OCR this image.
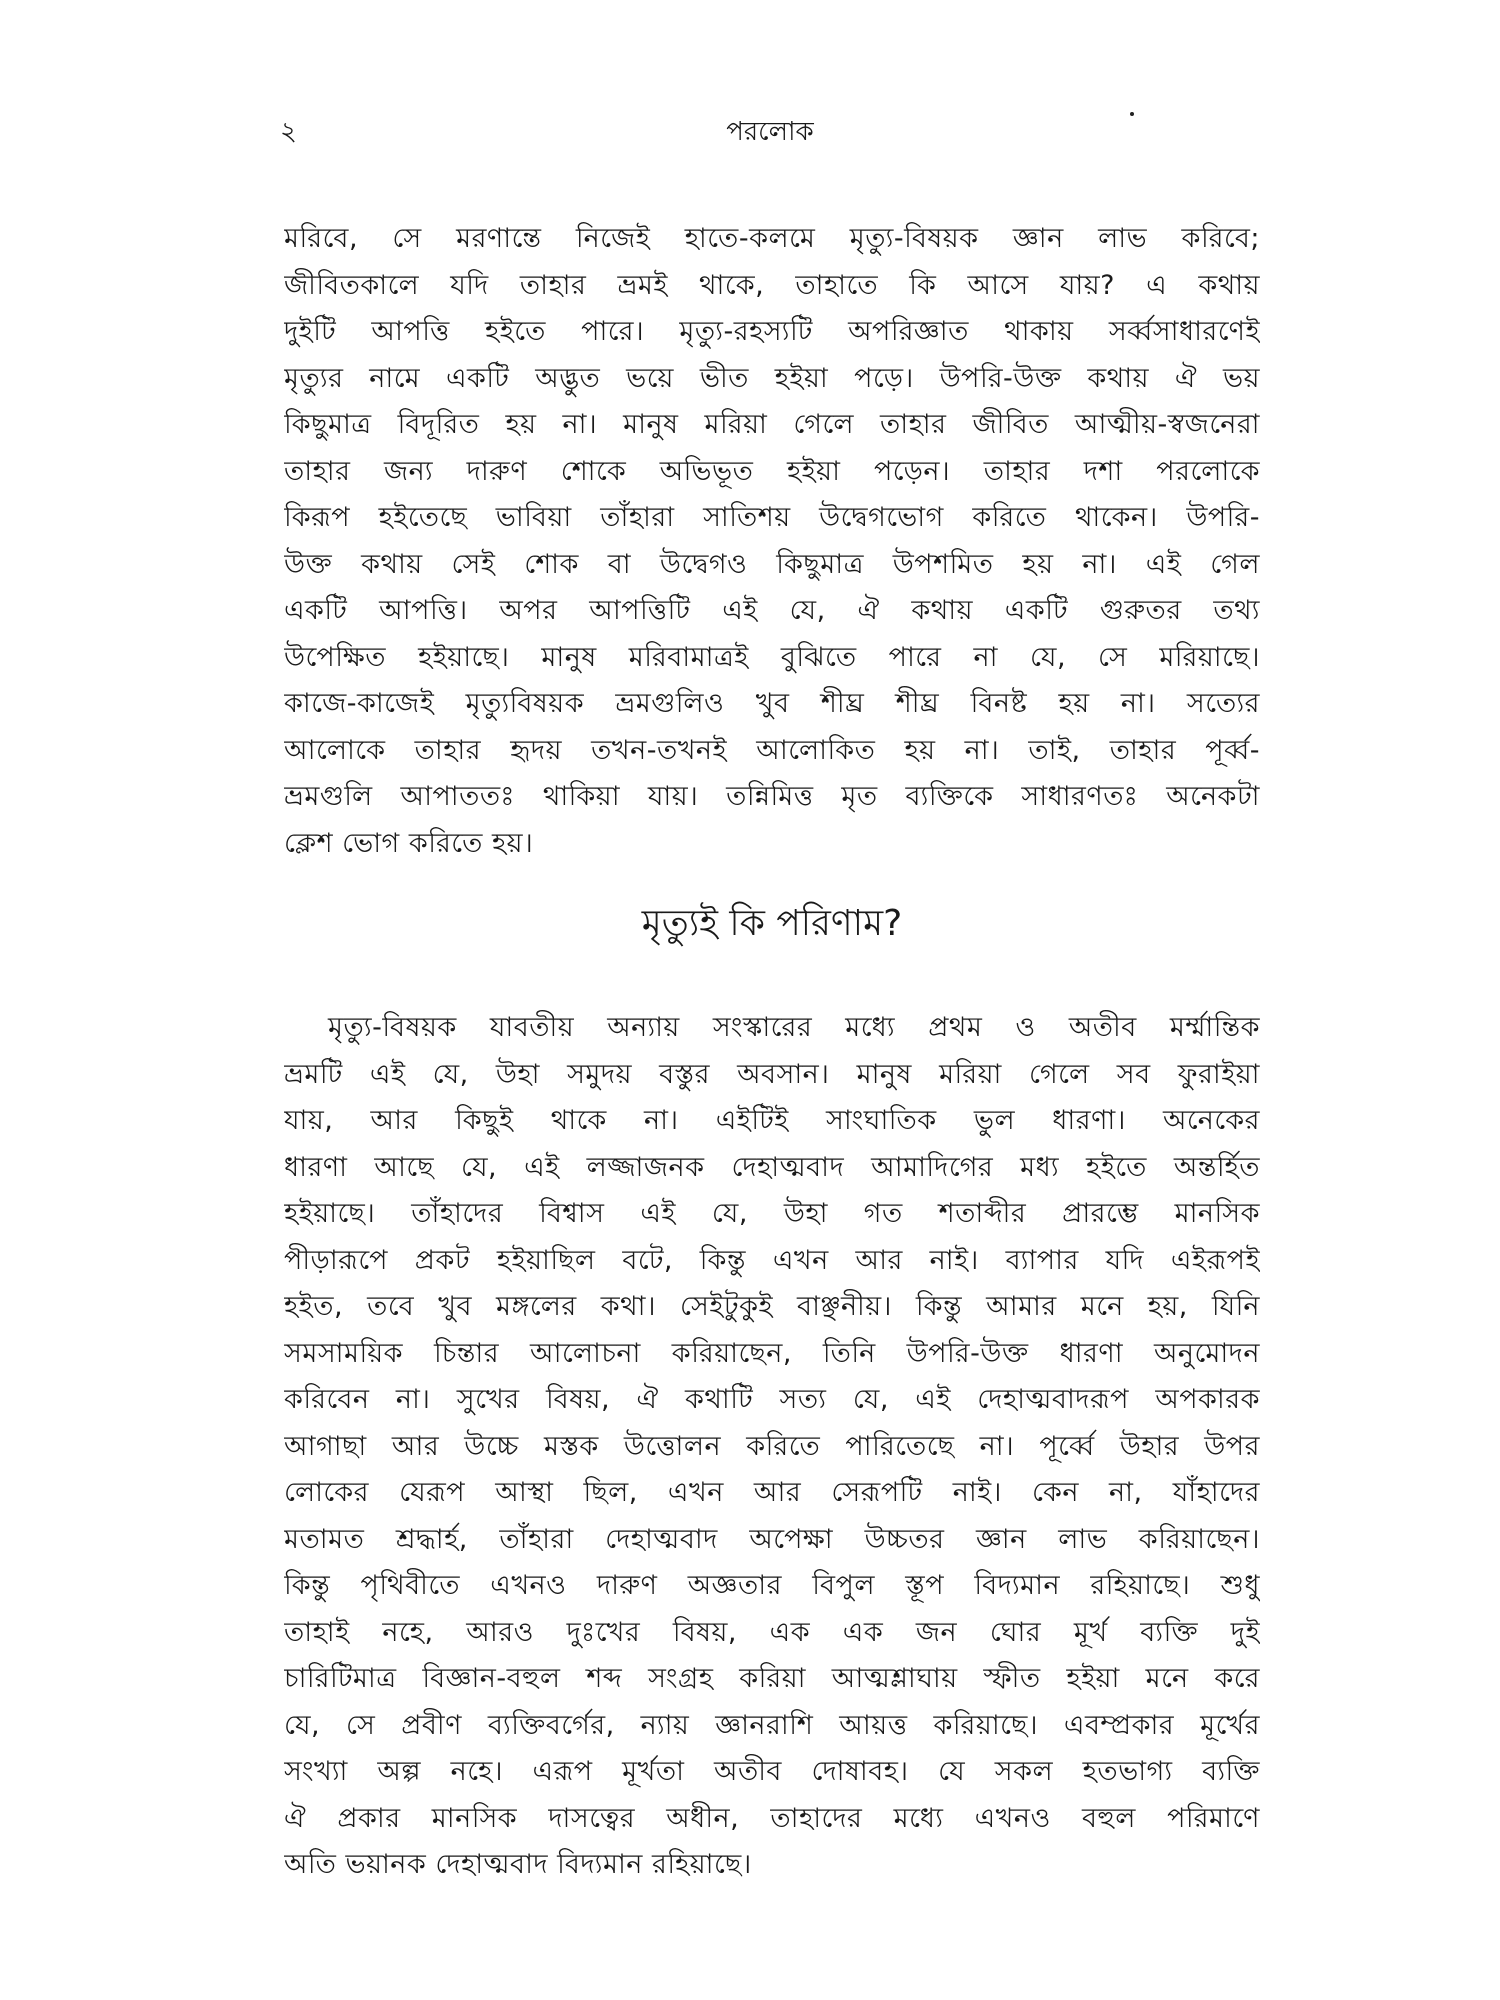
২	পরলোক
মরিবে, সে মরণান্তে নিজেই হাতে-কলমে মৃত্যু-বিষয়ক জ্ঞান লাভ করিবে;
জীবিতকালে যদি তাহার ভ্রমই থাকে, তাহাতে কি আসে যায়? এ কথায়
দুইটি আপত্তি হইতে পারে। মৃত্যু-রহস্যটি অপরিজ্ঞাত থাকায় সর্ব্বসাধারণেই
মৃত্যুর নামে একটি অদ্ভুত ভয়ে ভীত হইয়া পড়ে। উপরি-উক্ত কথায় ঐ ভয়
কিছুমাত্র বিদূরিত হয় না। মানুষ মরিয়া গেলে তাহার জীবিত আত্মীয়-স্বজনেরা
তাহার জন্য দারুণ শোকে অভিভূত হইয়া পড়েন। তাহার দশা পরলোকে
কিরূপ হইতেছে ভাবিয়া তাঁহারা সাতিশয় উদ্বেগভোগ করিতে থাকেন। উপরি-
উক্ত কথায় সেই শোক বা উদ্বেগও কিছুমাত্র উপশমিত হয় না। এই গেল
একটি আপত্তি। অপর আপত্তিটি এই যে, ঐ কথায় একটি গুরুতর তথ্য
উপেক্ষিত হইয়াছে। মানুষ মরিবামাত্রই বুঝিতে পারে না যে, সে মরিয়াছে।
কাজে-কাজেই মৃত্যুবিষয়ক ভ্রমগুলিও খুব শীঘ্র শীঘ্র বিনষ্ট হয় না। সত্যের
আলোকে তাহার হৃদয় তখন-তখনই আলোকিত হয় না। তাই, তাহার পূর্ব্ব-
ভ্রমগুলি আপাততঃ থাকিয়া যায়। তন্নিমিত্ত মৃত ব্যক্তিকে সাধারণতঃ অনেকটা
ক্লেশ ভোগ করিতে হয়।
মৃত্যুই কি পরিণাম?
মৃত্যু-বিষয়ক যাবতীয় অন্যায় সংস্কারের মধ্যে প্রথম ও অতীব মর্ম্মান্তিক
ভ্রমটি এই যে, উহা সমুদয় বস্তুর অবসান। মানুষ মরিয়া গেলে সব ফুরাইয়া
যায়, আর কিছুই থাকে না। এইটিই সাংঘাতিক ভুল ধারণা। অনেকের
ধারণা আছে যে, এই লজ্জাজনক দেহাত্মবাদ আমাদিগের মধ্য হইতে অন্তর্হিত
হইয়াছে। তাঁহাদের বিশ্বাস এই যে, উহা গত শতাব্দীর প্রারম্ভে মানসিক
পীড়ারূপে প্রকট হইয়াছিল বটে, কিন্তু এখন আর নাই। ব্যাপার যদি এইরূপই
হইত, তবে খুব মঙ্গলের কথা। সেইটুকুই বাঞ্ছনীয়। কিন্তু আমার মনে হয়, যিনি
সমসাময়িক চিন্তার আলোচনা করিয়াছেন, তিনি উপরি-উক্ত ধারণা অনুমোদন
করিবেন না। সুখের বিষয়, ঐ কথাটি সত্য যে, এই দেহাত্মবাদরূপ অপকারক
আগাছা আর উচ্চে মস্তক উত্তোলন করিতে পারিতেছে না। পূর্ব্বে উহার উপর
লোকের যেরূপ আস্থা ছিল, এখন আর সেরূপটি নাই। কেন না, যাঁহাদের
মতামত শ্রদ্ধার্হ, তাঁহারা দেহাত্মবাদ অপেক্ষা উচ্চতর জ্ঞান লাভ করিয়াছেন।
কিন্তু পৃথিবীতে এখনও দারুণ অজ্ঞতার বিপুল স্তূপ বিদ্যমান রহিয়াছে। শুধু
তাহাই নহে, আরও দুঃখের বিষয়, এক এক জন ঘোর মূর্খ ব্যক্তি দুই
চারিটিমাত্র বিজ্ঞান-বহুল শব্দ সংগ্রহ করিয়া আত্মশ্লাঘায় স্ফীত হইয়া মনে করে
যে, সে প্রবীণ ব্যক্তিবর্গের, ন্যায় জ্ঞানরাশি আয়ত্ত করিয়াছে। এবম্প্রকার মূর্খের
সংখ্যা অল্প নহে। এরূপ মূর্খতা অতীব দোষাবহ। যে সকল হতভাগ্য ব্যক্তি
ঐ প্রকার মানসিক দাসত্বের অধীন, তাহাদের মধ্যে এখনও বহুল পরিমাণে
অতি ভয়ানক দেহাত্মবাদ বিদ্যমান রহিয়াছে।
